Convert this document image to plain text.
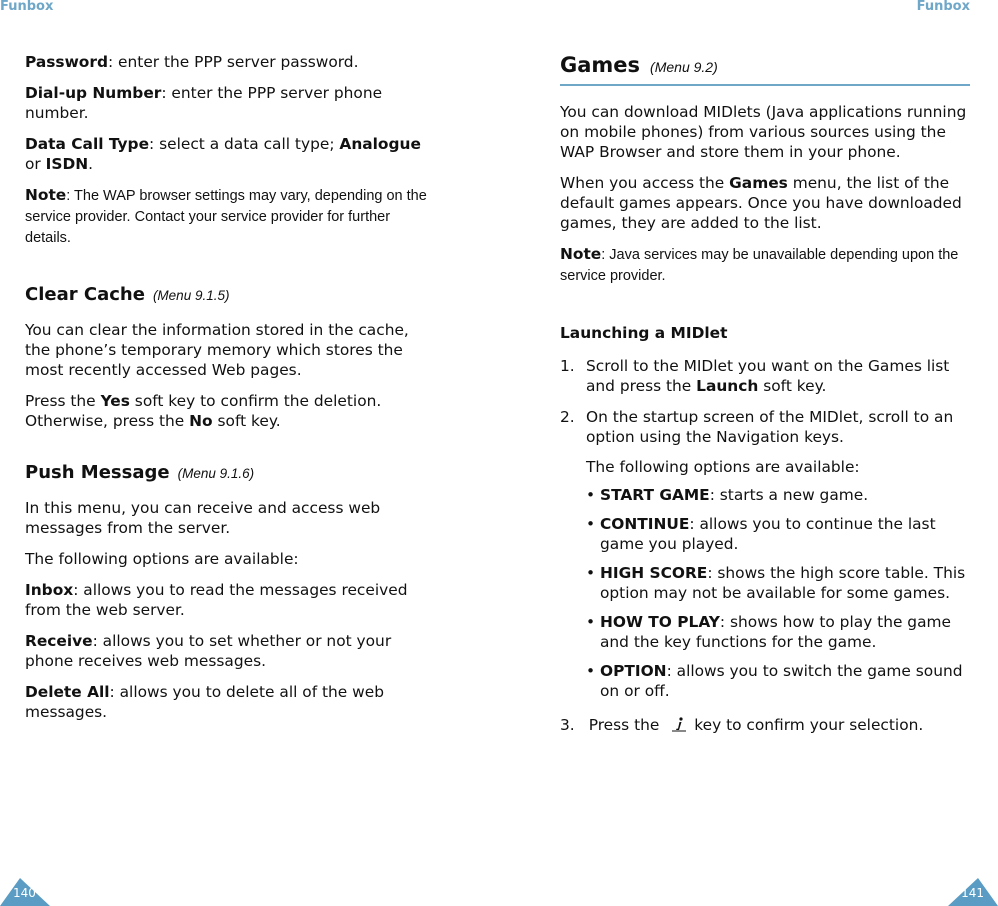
Funbox

Password: enter the PPP server password.

Dial-up Number: enter the PPP server phone number.

Data Call Type: select a data call type; Analogue or ISDN.

Note: The WAP browser settings may vary, depending on the service provider. Contact your service provider for further details.
Clear Cache (Menu 9.1.5)

You can clear the information stored in the cache, the phone’s temporary memory which stores the most recently accessed Web pages.

Press the Yes soft key to confirm the deletion. Otherwise, press the No soft key.

Push Message (Menu 9.1.6)

In this menu, you can receive and access web messages from the server.

The following options are available:

Inbox: allows you to read the messages received from the web server.

Receive: allows you to set whether or not your phone receives web messages.

Delete All: allows you to delete all of the web messages.

140
Funbox
Games (Menu 9.2)

You can download MIDlets (Java applications running on mobile phones) from various sources using the WAP Browser and store them in your phone.

When you access the Games menu, the list of the default games appears. Once you have downloaded games, they are added to the list.

Note: Java services may be unavailable depending upon the service provider.
Launching a MIDlet
1. Scroll to the MIDlet you want on the Games list and press the Launch soft key.
2. On the startup screen of the MIDlet, scroll to an option using the Navigation keys.
The following options are available:
• START GAME: starts a new game.
• CONTINUE: allows you to continue the last game you played.
• HIGH SCORE: shows the high score table. This option may not be available for some games.
• HOW TO PLAY: shows how to play the game and the key functions for the game.
• OPTION: allows you to switch the game sound on or off.
3. Press the key to confirm your selection.
141
